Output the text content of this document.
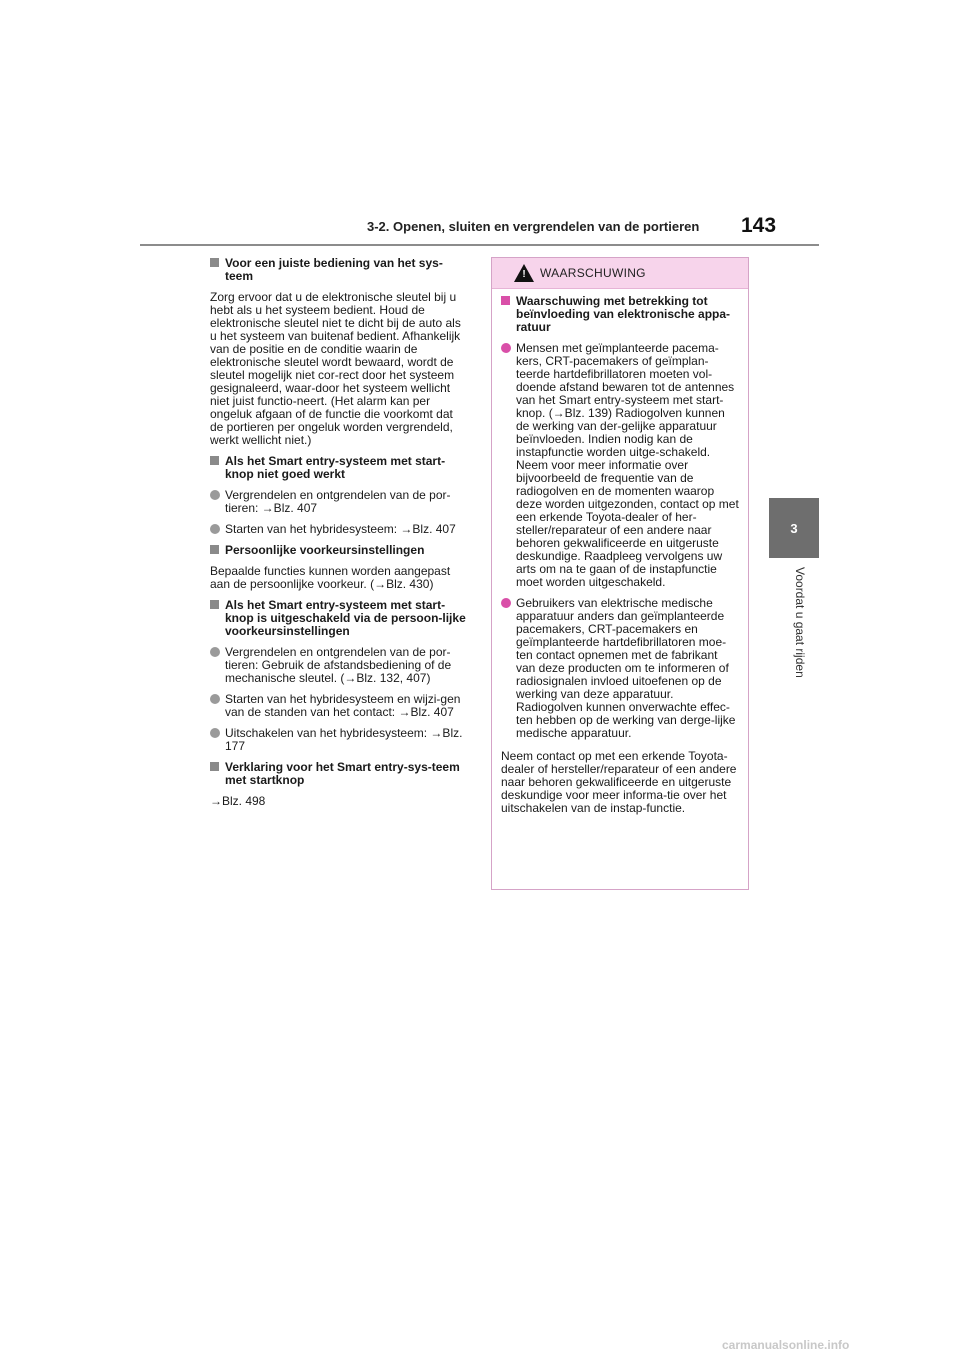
3-2. Openen, sluiten en vergrendelen van de portieren 143
3
Voordat u gaat rijden
Voor een juiste bediening van het sys-teem

Zorg ervoor dat u de elektronische sleutel bij u hebt als u het systeem bedient. Houd de elektronische sleutel niet te dicht bij de auto als u het systeem van buitenaf bedient. Afhankelijk van de positie en de conditie waarin de elektronische sleutel wordt bewaard, wordt de sleutel mogelijk niet cor-rect door het systeem gesignaleerd, waar-door het systeem wellicht niet juist functio-neert. (Het alarm kan per ongeluk afgaan of de functie die voorkomt dat de portieren per ongeluk worden vergrendeld, werkt wellicht niet.)

Als het Smart entry-systeem met start-knop niet goed werkt
Vergrendelen en ontgrendelen van de por-tieren: →Blz. 407
Starten van het hybridesysteem: →Blz. 407
Persoonlijke voorkeursinstellingen

Bepaalde functies kunnen worden aangepast aan de persoonlijke voorkeur. (→Blz. 430)

Als het Smart entry-systeem met start-knop is uitgeschakeld via de persoon-lijke voorkeursinstellingen
Vergrendelen en ontgrendelen van de por-tieren: Gebruik de afstandsbediening of de mechanische sleutel. (→Blz. 132, 407)
Starten van het hybridesysteem en wijzi-gen van de standen van het contact: →Blz. 407
Uitschakelen van het hybridesysteem: →Blz. 177
Verklaring voor het Smart entry-sys-teem met startknop

→Blz. 498

! WAARSCHUWING
Waarschuwing met betrekking tot beïnvloeding van elektronische appa-ratuur
Mensen met geïmplanteerde pacema-kers, CRT-pacemakers of geïmplan-teerde hartdefibrillatoren moeten vol-doende afstand bewaren tot de antennes van het Smart entry-systeem met start-knop. (→Blz. 139) Radiogolven kunnen de werking van der-gelijke apparatuur beïnvloeden. Indien nodig kan de instapfunctie worden uitge-schakeld. Neem voor meer informatie over bijvoorbeeld de frequentie van de radiogolven en de momenten waarop deze worden uitgezonden, contact op met een erkende Toyota-dealer of her-steller/reparateur of een andere naar behoren gekwalificeerde en uitgeruste deskundige. Raadpleeg vervolgens uw arts om na te gaan of de instapfunctie moet worden uitgeschakeld.
Gebruikers van elektrische medische apparatuur anders dan geïmplanteerde pacemakers, CRT-pacemakers en geïmplanteerde hartdefibrillatoren moe-ten contact opnemen met de fabrikant van deze producten om te informeren of radiosignalen invloed uitoefenen op de werking van deze apparatuur. Radiogolven kunnen onverwachte effec-ten hebben op de werking van derge-lijke medische apparatuur.

Neem contact op met een erkende Toyota-dealer of hersteller/reparateur of een andere naar behoren gekwalificeerde en uitgeruste deskundige voor meer informa-tie over het uitschakelen van de instap-functie.

carmanualsonline.info
